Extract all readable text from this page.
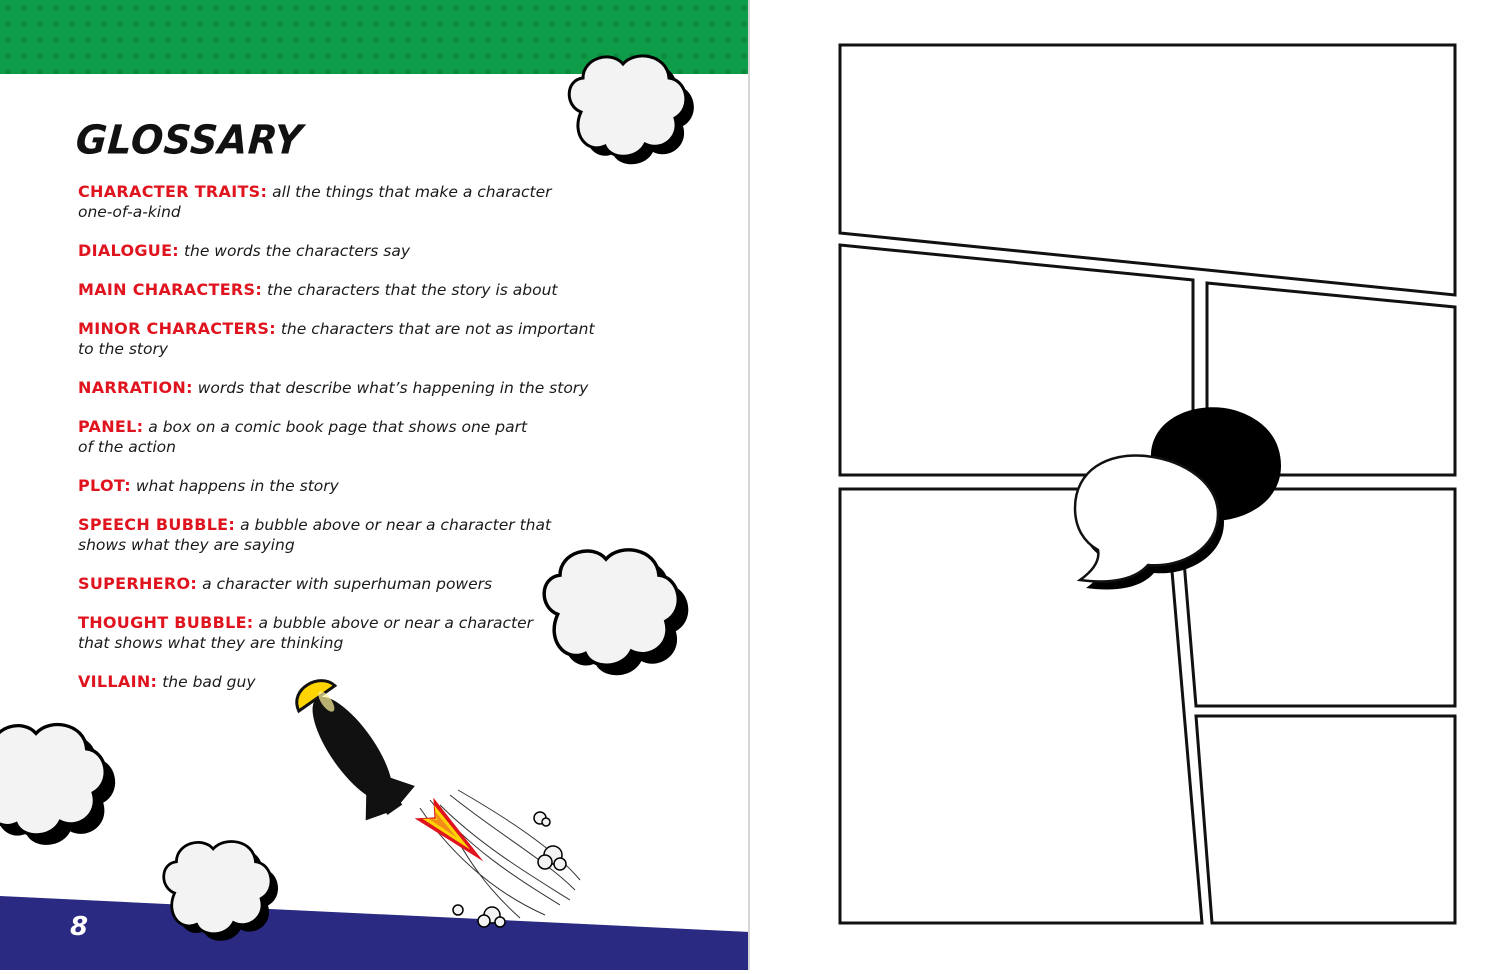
GLOSSARY
CHARACTER TRAITS: all the things that make a character
one-of-a-kind
DIALOGUE: the words the characters say
MAIN CHARACTERS: the characters that the story is about
MINOR CHARACTERS: the characters that are not as important
to the story
NARRATION: words that describe what’s happening in the story
PANEL: a box on a comic book page that shows one part
of the action
PLOT: what happens in the story
SPEECH BUBBLE: a bubble above or near a character that
shows what they are saying
SUPERHERO: a character with superhuman powers
THOUGHT BUBBLE: a bubble above or near a character
that shows what they are thinking
VILLAIN: the bad guy
8
